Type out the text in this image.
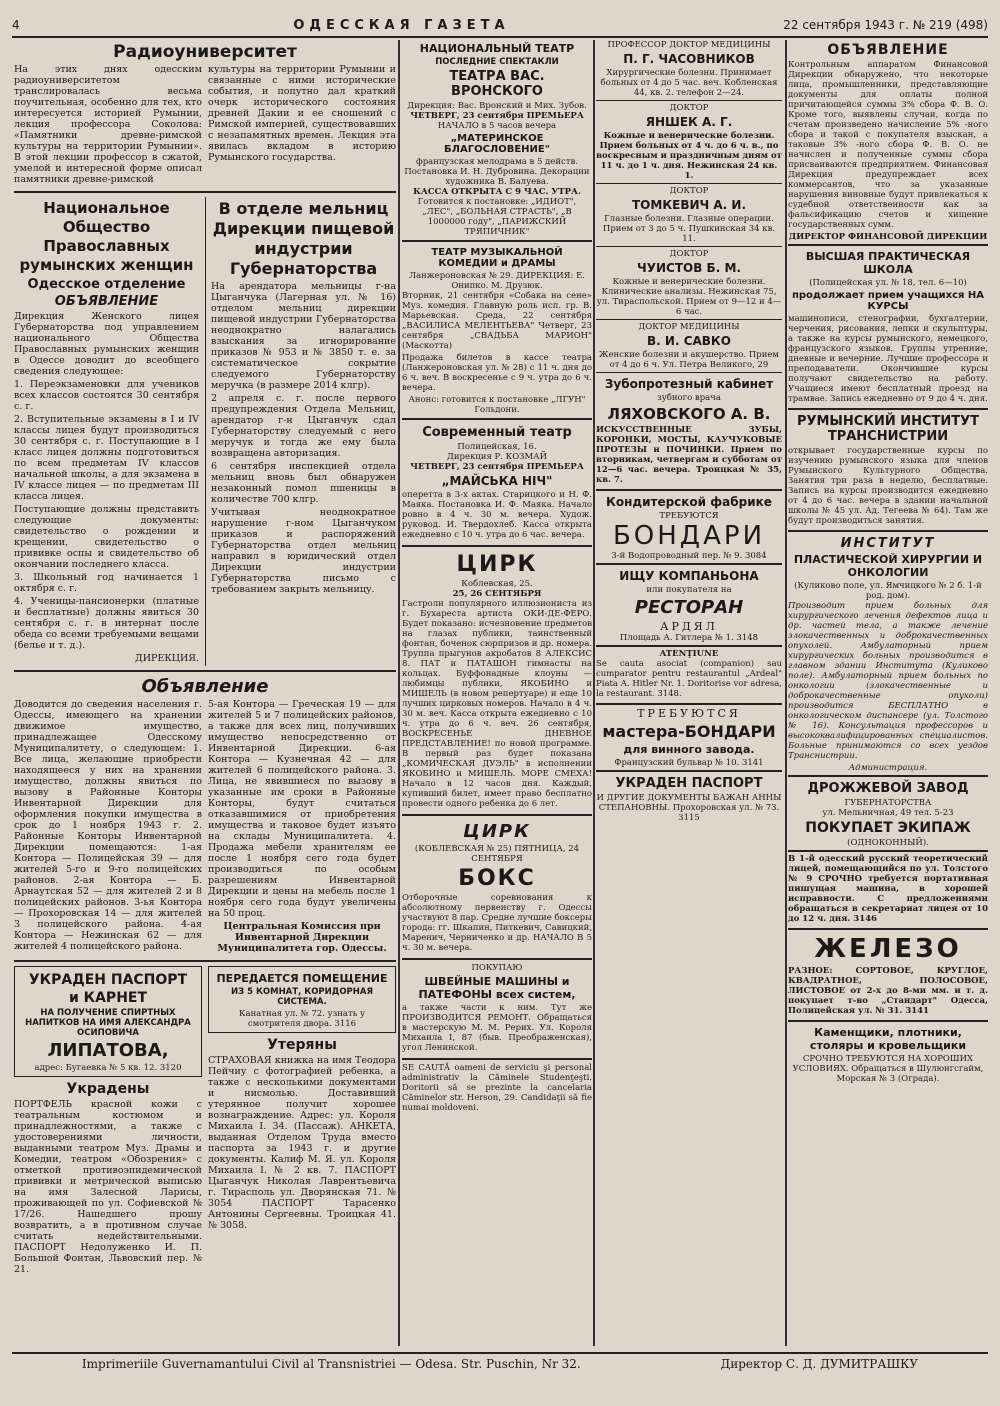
4	ОДЕССКАЯ ГАЗЕТА	22 сентября 1943 г. № 219 (498)
Радиоуниверситет

На этих днях одесским радиоуниверситетом транслировалась весьма поучительная, особенно для тех, кто интересуется историей Румынии, лекция профессора Соколова: «Памятники древне-римской культуры на территории Румынии». В этой лекции профессор в сжатой, умелой и интересной форме описал памятники древне-римской

культуры на территории Румынии и связанные с ними исторические события, и попутно дал краткий очерк исторического состояния древней Дакии и ее сношений с Римской империей, существовавших с незапамятных времен. Лекция эта явилась вкладом в историю Румынского государства.

Национальное Общество Православных румынских женщин
Одесское отделение
ОБЪЯВЛЕНИЕ

Дирекция Женского лицея Губернаторства под управлением национального Общества Православных румынских женщин в Одессе доводит до всеобщего сведения следующее:

1. Переэкзаменовки для учеников всех классов состоятся 30 сентября с. г.

2. Вступительные экзамены в I и IV классы лицея будут производиться 30 сентября с. г. Поступающие в I класс лицея должны подготовиться по всем предметам IV классов начальной школы, а для экзамена в IV классе лицея — по предметам III класса лицея.

Поступающие должны представить следующие документы: свидетельство о рождении и крещении, свидетельство о прививке оспы и свидетельство об окончании последнего класса.

3. Школьный год начинается 1 октября с. г.

4. Ученицы-пансионерки (платные и бесплатные) должны явиться 30 сентября с. г. в интернат после обеда со всеми требуемыми вещами (белье и т. д.).

ДИРЕКЦИЯ.

В отделе мельниц Дирекции пищевой индустрии Губернаторства

На арендатора мельницы г-на Цыганчука (Лагерная ул. № 16) отделом мельниц дирекции пищевой индустрии Губернаторства неоднократно налагались взыскания за игнорирование приказов № 953 и № 3850 т. е. за систематическое сокрытие следуемого Губернаторству меручка (в размере 2014 клгр).

2 апреля с. г. после первого предупреждения Отдела Мельниц, арендатор г-н Цыганчук сдал Губернаторству следуемый с него меручук и тогда же ему была возвращена авторизация.

6 сентября инспекцией отдела мельниц вновь был обнаружен незаконный помол пшеницы в количестве 700 клгр.

Учитывая неоднократное нарушение г-ном Цыганчуком приказов и распоряжений Губернаторства отдел мельниц направил в юридический отдел Дирекции индустрии Губернаторства письмо с требованием закрыть мельницу.

Объявление

Доводится до сведения населения г. Одессы, имеющего на хранении движимое имущество, принадлежащее Одесскому Муниципалитету, о следующем: 1. Все лица, желающие приобрести находящееся у них на хранении имущество, должны явиться по вызову в Районные Конторы Инвентарной Дирекции для оформления покупки имущества в срок до 1 ноября 1943 г. 2. Районные Конторы Инвентарной Дирекции помещаются: 1-ая Контора — Полицейская 39 — для жителей 5-го и 9-го полицейских районов. 2-ая Контора — Б. Арнаутская 52 — для жителей 2 и 8 полицейских районов. 3-ья Контора — Прохоровская 14 — для жителей 3 полицейского района. 4-ая Контора — Нежинская 62 — для жителей 4 полицейского района.

5-ая Контора — Греческая 19 — для жителей 5 и 7 полицейских районов, а также для всех лиц, получивших имущество непосредственно от Инвентарной Дирекции. 6-ая Контора — Кузнечная 42 — для жителей 6 полицейского района. 3. Лица, не явившиеся по вызову в указанные им сроки в Районные Конторы, будут считаться отказавшимися от приобретения имущества и таковое будет изъято на склады Муниципалитета. 4. Продажа мебели хранителям ее после 1 ноября сего года будет производиться по особым разрешениям Инвентарной Дирекции и цены на мебель после 1 ноября сего года будут увеличены на 50 проц.

Центральная Комиссия при Инвентарной Дирекции Муниципалитета гор. Одессы.

УКРАДЕН ПАСПОРТ
и КАРНЕТ
НА ПОЛУЧЕНИЕ СПИРТНЫХ НАПИТКОВ НА ИМЯ АЛЕКСАНДРА ОСИПОВИЧА
ЛИПАТОВА,
адрес: Бугаевка № 5 кв. 12. 3120
Украдены

ПОРТФЕЛЬ красной кожи с театральным костюмом и принадлежностями, а также с удостоверениями личности, выданными театром Муз. Драмы и Комедии, театром «Обозрения» с отметкой противоэпидемической прививки и метрической выписью на имя Залесной Ларисы, проживающей по ул. Софиевской № 17/26. Нашедшего прошу возвратить, а в противном случае считать недействительными. ПАСПОРТ Недолуженко И. П. Большой Фонтан, Львовский пер. № 21.

ПЕРЕДАЕТСЯ ПОМЕЩЕНИЕ
ИЗ 5 КОМНАТ, КОРИДОРНАЯ СИСТЕМА.
Канатная ул. № 72. узнать у смотрителя двора. 3116
Утеряны

СТРАХОВАЯ книжка на имя Теодора Пейчиу с фотографией ребенка, а также с несколькими документами и нисмолью. Доставивший утерянное получит хорошее вознаграждение. Адрес: ул. Короля Михаила I. 34. (Пассаж). АНКЕТА, выданная Отделом Труда вместо паспорта за 1943 г. и другие документы. Калиф М. Я. ул. Короля Михаила I. № 2 кв. 7. ПАСПОРТ Цыганчук Николая Лаврентьевича г. Тирасполь ул. Дворянская 71. № 3054 ПАСПОРТ Тарасенко Антонины Сергеевны. Троицкая 41. № 3058.

НАЦИОНАЛЬНЫЙ ТЕАТР
ПОСЛЕДНИЕ СПЕКТАКЛИ
ТЕАТРА ВАС. ВРОНСКОГО
Дирекция: Вас. Вронский и Мих. Зубов.
ЧЕТВЕРГ, 23 сентября ПРЕМЬЕРА
НАЧАЛО в 5 часов вечера
„МАТЕРИНСКОЕ БЛАГОСЛОВЕНИЕ"
французская мелодрама в 5 действ. Постановка И. Н. Дубровина. Декорации художника В. Балуева.
КАССА ОТКРЫТА С 9 ЧАС. УТРА.
Готовится к постановке: „ИДИОТ", „ЛЕС", „БОЛЬНАЯ СТРАСТЬ", „В 1000000 году", „ПАРИЖСКИЙ ТРЯПИЧНИК"
ТЕАТР МУЗЫКАЛЬНОЙ КОМЕДИИ и ДРАМЫ
Ланжероновская № 29. ДИРЕКЦИЯ: Е. Онипко. М. Друзюк.

Вторник, 21 сентября «Собака на сене» Муз. комедия. Главную роль исп. гр. В. Марьевская. Среда, 22 сентября „ВАСИЛИСА МЕЛЕНТЬЕВА" Четверг, 23 сентября „СВАДЬБА МАРИОН" (Маскотта)

Продажа билетов в кассе театра (Ланжероновская ул. № 28) с 11 ч. дня до 6 ч. веч. В воскресенье с 9 ч. утра до 6 ч. вечера.

Анонс: готовится к постановке „ЛГУН" Гольдони.
Современный театр
Полицейская, 16.
Дирекция Р. КОЗМАЙ
ЧЕТВЕРГ, 23 сентября ПРЕМЬЕРА
„МАЙСЬКА НIЧ"

оперетта в 3-х актах. Старицкого и Н. Ф. Маяка. Постановка И. Ф. Маяка. Начало ровно в 4 ч. 30 м. вечера. Худож. руковод. И. Твердохлеб. Касса открыта ежедневно с 10 ч. утра до 6 час. вечера.

ЦИРК
Коблевская, 25.
25, 26 СЕНТЯБРЯ

Гастроли популярного иллюзиониста из г. Бухареста артиста ОКИ-ДЕ-ФЕРО. Будет показано: исчезновение предметов на глазах публики, таинственный фонтан, боченок сюрпризов и др. номера. Труппа прыгунов акробатов 8 АЛЕКСИС 8. ПАТ и ПАТАШОН гимнасты на кольцах. Буффонадные клоуны — любимцы публики, ЯКОБИНО и МИШЕЛЬ (в новом репертуаре) и еще 10 лучших цирковых номеров. Начало в 4 ч. 30 м. веч. Касса открыта ежедневно с 10 ч. утра до 6 ч. веч. 26 сентября, ВОСКРЕСЕНЬЕ ДНЕВНОЕ ПРЕДСТАВЛЕНИЕ! по новой программе. В первый раз будет показана „КОМИЧЕСКАЯ ДУЭЛЬ" в исполнении ЯКОБИНО и МИШЕЛЬ. МОРЕ СМЕХА! Начало в 12 часов дня. Каждый, купивший билет, имеет право бесплатно провести одного ребенка до 6 лет.

ЦИРК
(КОБЛЕВСКАЯ № 25) ПЯТНИЦА, 24 СЕНТЯБРЯ
БОКС

Отборочные соревнования к абсолютному первенству г. Одессы участвуют 8 пар. Средне лучшие боксеры города: гг. Шкапин, Питкевич, Савицкий, Маренич, Черниченко и др. НАЧАЛО В 5 ч. 30 м. вечера.

ПОКУПАЮ
ШВЕЙНЫЕ МАШИНЫ и ПАТЕФОНЫ всех систем,

а также части к ним. Тут же ПРОИЗВОДИТСЯ РЕМОНТ. Обращаться в мастерскую М. М. Рерих. Ул. Короля Михаила I, 87 (быв. Преображенская), угол Ленинской.

SE CAUTĂ oameni de serviciu şi personal administrativ la Căminele Studenţeşti. Doritorii să se prezinte la cancelaria Căminelor str. Herson, 29. Candidaţii să fie numai moldoveni.

ПРОФЕССОР ДОКТОР МЕДИЦИНЫ
П. Г. ЧАСОВНИКОВ
Хирургические болезни. Принимает больных от 4 до 5 час. веч. Кобленская 44, кв. 2. телефон 2—24.
ДОКТОР
ЯНШЕК А. Г.
Кожные и венерические болезни. Прием больных от 4 ч. до 6 ч. в., по воскресным и праздничным дням от 11 ч. до 1 ч. дня. Нежинская 24 кв. 1.
ДОКТОР
ТОМКЕВИЧ А. И.
Глазные болезни. Глазные операции. Прием от 3 до 5 ч. Пушкинская 34 кв. 11.
ДОКТОР
ЧУИСТОВ Б. М.
Кожные и венерические болезни. Клинические анализы. Нежинская 75, ул. Тираспольской. Прием от 9—12 и 4—6 час.
ДОКТОР МЕДИЦИНЫ
В. И. САВКО
Женские болезни и акушерство. Прием от 4 до 6 ч. Ул. Петра Великого, 29
Зубопротезный кабинет
зубного врача
ЛЯХОВСКОГО А. В.

ИСКУССТВЕННЫЕ ЗУБЫ, КОРОНКИ, МОСТЫ, КАУЧУКОВЫЕ ПРОТЕЗЫ и ПОЧИНКИ. Прием по вторникам, четвергам и субботам от 12—6 час. вечера. Троицкая № 35, кв. 7.

Кондитерской фабрике
ТРЕБУЮТСЯ
БОНДАРИ
3-й Водопроводный пер. № 9. 3084
ИЩУ КОМПАНЬОНА
или покупателя на
РЕСТОРАН
АРДЯЛ
Площадь А. Гитлера № 1. 3148
ATENŢIUNE

Se cauta asociat (companion) sau cumparator pentru restaurantul „Ardeal" Piata A. Hitler Nr. 1. Doritorise vor adresa, la restaurant. 3148.

ТРЕБУЮТСЯ
мастера-БОНДАРИ
для винного завода.
Французский бульвар № 10. 3141
УКРАДЕН ПАСПОРТ
И ДРУГИЕ ДОКУМЕНТЫ БАЖАН АННЫ СТЕПАНОВНЫ. Прохоровская ул. № 73. 3115
ОБЪЯВЛЕНИЕ

Контрольным аппаратом Финансовой Дирекции обнаружено, что некоторые лица, промышленники, представляющие документы для оплаты полной причитающейся суммы 3% сбора Ф. В. О. Кроме того, выявлены случаи, когда по счетам произведено начисление 5% -ного сбора и такой с покупателя взыскан, а таковые 3% -ного сбора Ф. В. О. не начислен и полученные суммы сбора присваиваются предприятием. Финансовая Дирекция предупреждает всех коммерсантов, что за указанные нарушения виновные будут привлекаться к судебной ответственности как за фальсификацию счетов и хищение государственных сумм.

ДИРЕКТОР ФИНАНСОВОЙ ДИРЕКЦИИ
ВЫСШАЯ ПРАКТИЧЕСКАЯ ШКОЛА
(Полицейская ул. № 18, тел. 6—10)
продолжает прием учащихся НА КУРСЫ

машинописи, стенографии, бухгалтерии, черчения, рисования, лепки и скульптуры, а также на курсы румынского, немецкого, французского языков. Группы утренние, дневные и вечерние. Лучшие профессора и преподаватели. Окончившие курсы получают свидетельство на работу. Учащиеся имеют бесплатный проезд на трамвае. Запись ежедневно от 9 до 4 ч. дня.

РУМЫНСКИЙ ИНСТИТУТ ТРАНСНИСТРИИ

открывает государственные курсы по изучению румынского языка для членов Румынского Культурного Общества. Занятия три раза в неделю, бесплатные. Запись на курсы производится ежедневно от 4 до 6 час. вечера в здании начальной школы № 45 ул. Ад. Тегеева № 64). Там же будут производиться занятия.

ИНСТИТУТ
ПЛАСТИЧЕСКОЙ ХИРУРГИИ И ОНКОЛОГИИ
(Куликово поле, ул. Ямчицкого № 2 б. 1-й род. дом).

Производит прием больных для хирургического лечения дефектов лица и др. частей тела, а также лечение злокачественных и доброкачественных опухолей. Амбулаторный прием хирургических больных производится в главном здании Института (Куликово поле). Амбулаторный прием больных по онкологии (злокачественные и доброкачественные опухоли) производится БЕСПЛАТНО в онкологическом диспансере (ул. Толстого № 16). Консультация профессоров и высококвалифицированных специалистов. Больные принимаются со всех уездов Транснистрии.

Администрация.
ДРОЖЖЕВОЙ ЗАВОД
ГУБЕРНАТОРСТВА
ул. Мельничная, 49 тел. 5-23
ПОКУПАЕТ ЭКИПАЖ
(ОДНОКОННЫЙ).

В 1-й одесский русский теоретический лицей, помещающийся по ул. Толстого № 9 СРОЧНО требуется портативная пишущая машина, в хорошей исправности. С предложениями обращаться в секретариат лицея от 10 до 12 ч. дня. 3146

ЖЕЛЕЗО

РАЗНОЕ: СОРТОВОЕ, КРУГЛОЕ, КВАДРАТНОЕ, ПОЛОСОВОЕ, ЛИСТОВОЕ от 2-х до 8-ми мм. и т. д. покупает т-во „Стандарт" Одесса, Полицейская ул. № 31. 3141

Каменщики, плотники, столяры и кровельщики
СРОЧНО ТРЕБУЮТСЯ НА ХОРОШИХ УСЛОВИЯХ. Обращаться в Шулюнгсгайм, Морская № 3 (Ограда).
Imprimeriile Guvernamantului Civil al Transnistriei — Odesa. Str. Puschin, Nr 32.	Директор С. Д. ДУМИТРАШКУ
